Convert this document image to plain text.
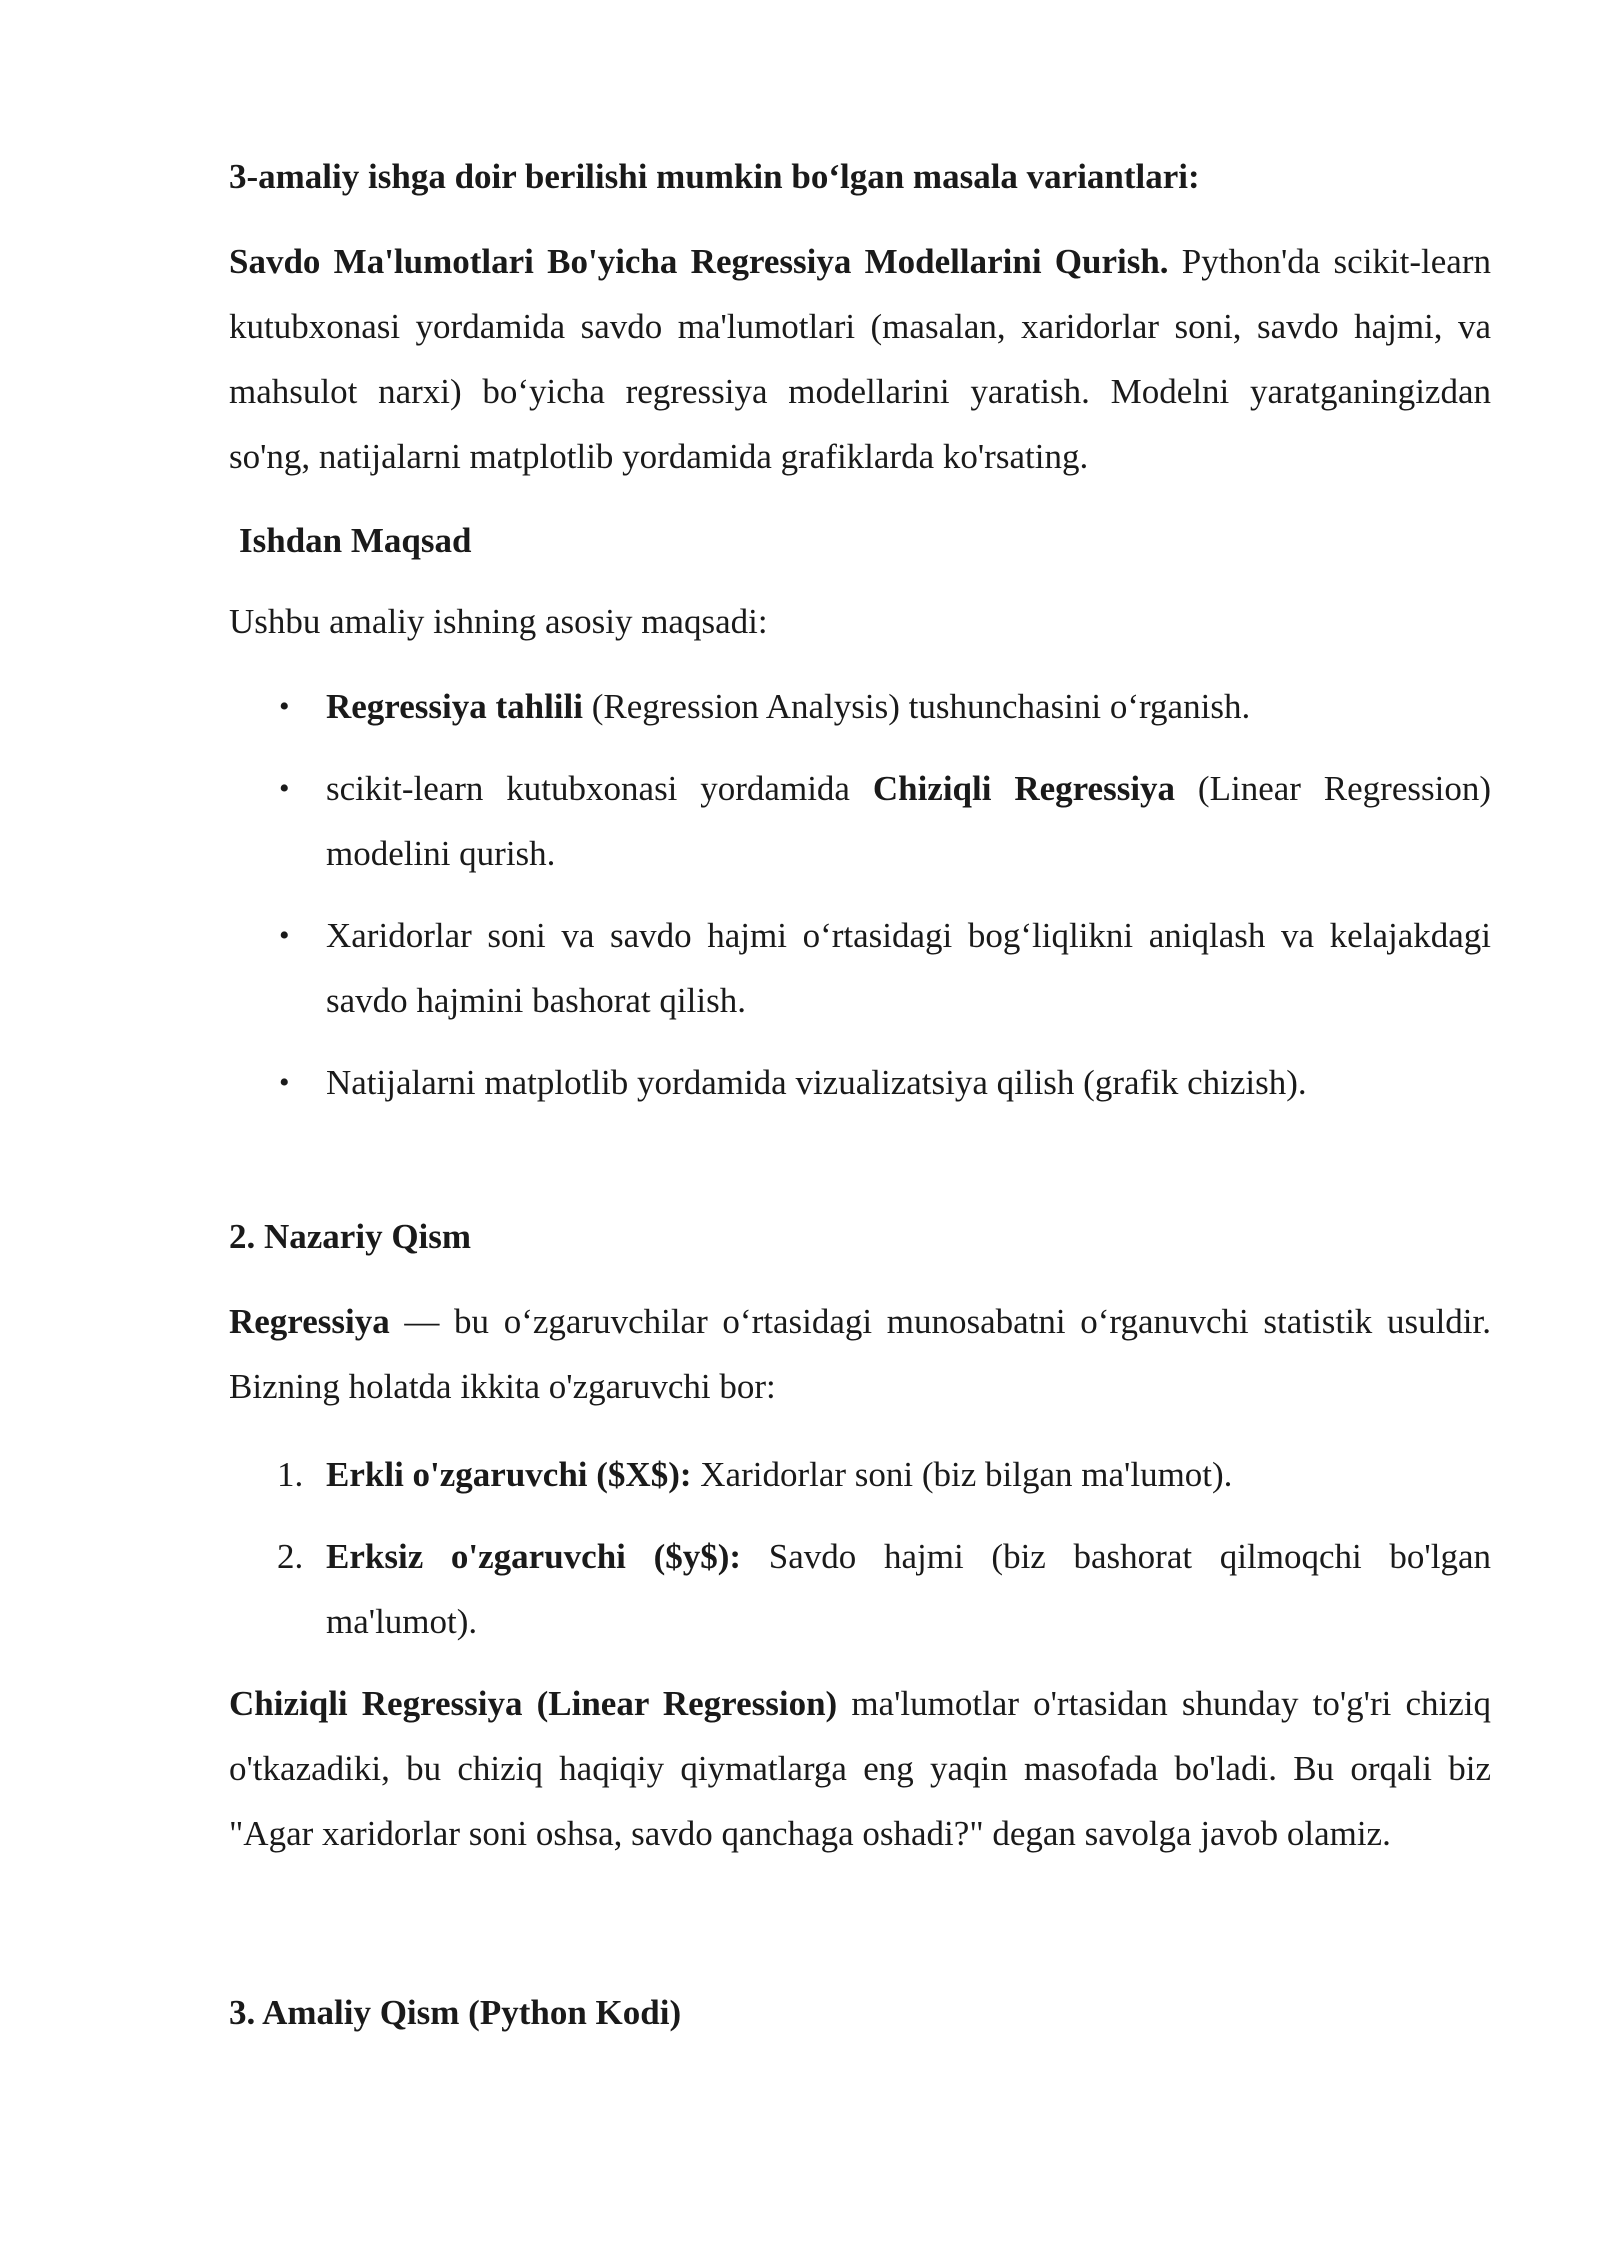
3-amaliy ishga doir berilishi mumkin bo‘lgan masala variantlari:

Savdo Ma'lumotlari Bo'yicha Regressiya Modellarini Qurish. Python'da scikit-learn kutubxonasi yordamida savdo ma'lumotlari (masalan, xaridorlar soni, savdo hajmi, va mahsulot narxi) bo‘yicha regressiya modellarini yaratish. Modelni yaratganingizdan so'ng, natijalarni matplotlib yordamida grafiklarda ko'rsating.

Ishdan Maqsad
Ushbu amaliy ishning asosiy maqsadi:
• Regressiya tahlili (Regression Analysis) tushunchasini o‘rganish.
• scikit-learn kutubxonasi yordamida Chiziqli Regressiya (Linear Regression) modelini qurish.
• Xaridorlar soni va savdo hajmi o‘rtasidagi bog‘liqlikni aniqlash va kelajakdagi savdo hajmini bashorat qilish.
• Natijalarni matplotlib yordamida vizualizatsiya qilish (grafik chizish).
2. Nazariy Qism

Regressiya — bu o‘zgaruvchilar o‘rtasidagi munosabatni o‘rganuvchi statistik usuldir. Bizning holatda ikkita o'zgaruvchi bor:

1. Erkli o'zgaruvchi ($X$): Xaridorlar soni (biz bilgan ma'lumot).
2. Erksiz o'zgaruvchi ($y$): Savdo hajmi (biz bashorat qilmoqchi bo'lgan ma'lumot).

Chiziqli Regressiya (Linear Regression) ma'lumotlar o'rtasidan shunday to'g'ri chiziq o'tkazadiki, bu chiziq haqiqiy qiymatlarga eng yaqin masofada bo'ladi. Bu orqali biz "Agar xaridorlar soni oshsa, savdo qanchaga oshadi?" degan savolga javob olamiz.

3. Amaliy Qism (Python Kodi)
